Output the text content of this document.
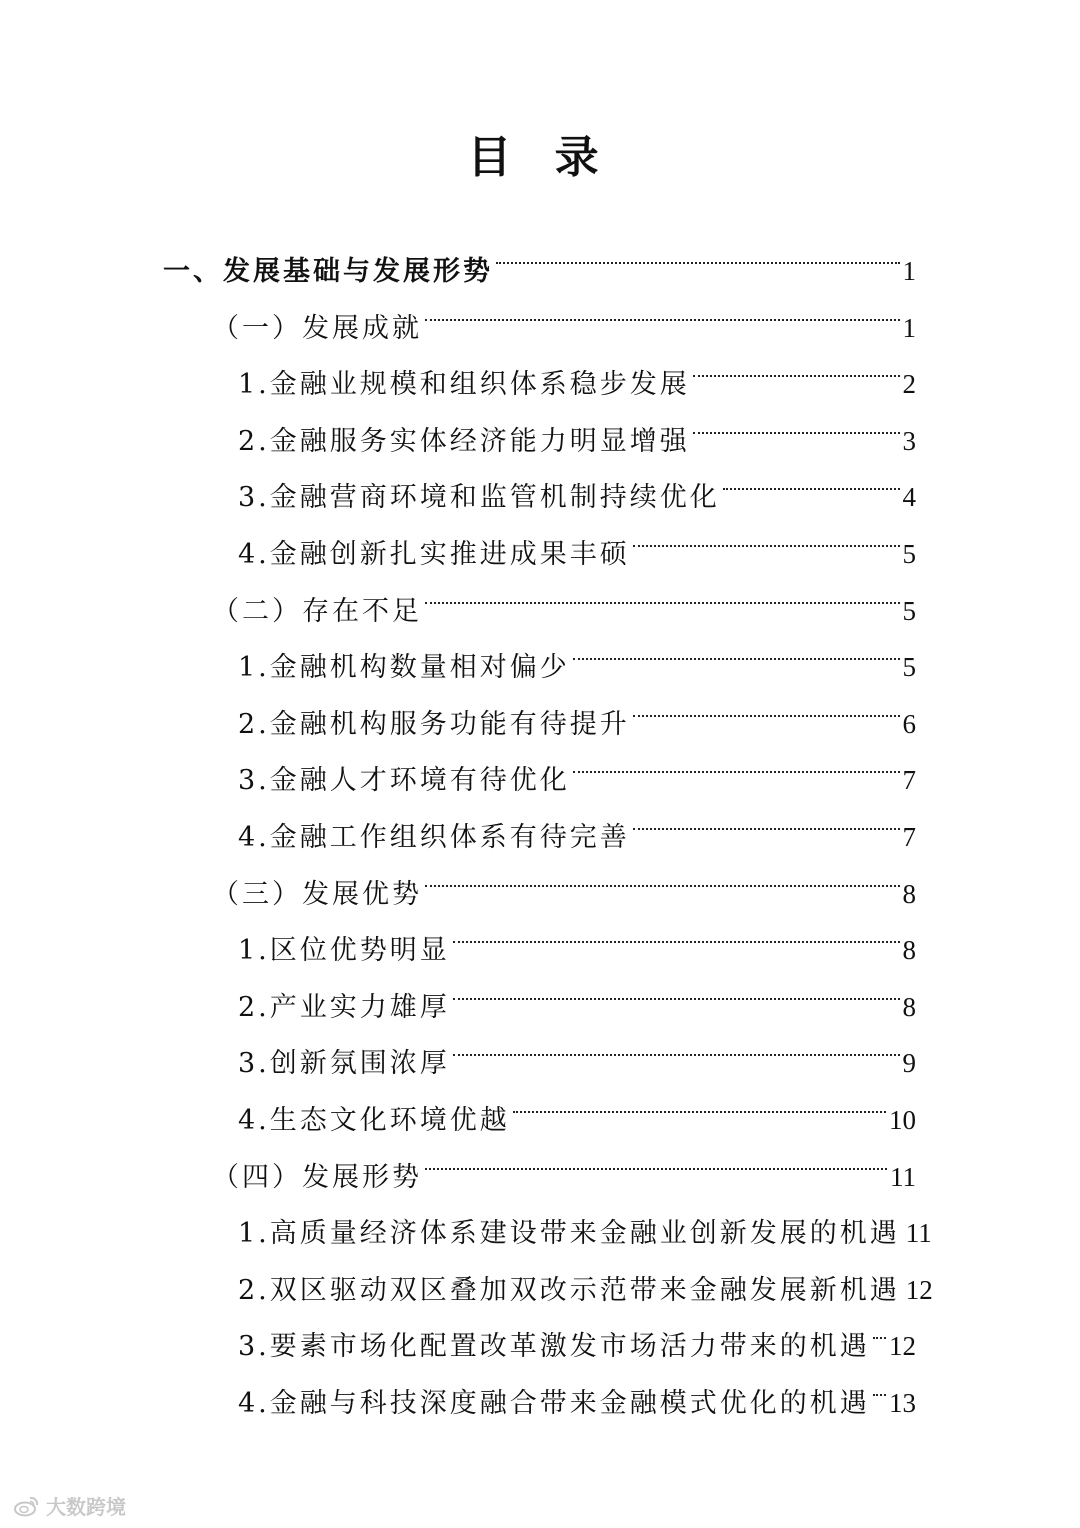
目 录
一、发展基础与发展形势	1
（一）发展成就	1
1.金融业规模和组织体系稳步发展	2
2.金融服务实体经济能力明显增强	3
3.金融营商环境和监管机制持续优化	4
4.金融创新扎实推进成果丰硕	5
（二）存在不足	5
1.金融机构数量相对偏少	5
2.金融机构服务功能有待提升	6
3.金融人才环境有待优化	7
4.金融工作组织体系有待完善	7
（三）发展优势	8
1.区位优势明显	8
2.产业实力雄厚	8
3.创新氛围浓厚	9
4.生态文化环境优越	10
（四）发展形势	11
1.高质量经济体系建设带来金融业创新发展的机遇 11
2.双区驱动双区叠加双改示范带来金融发展新机遇 12
3.要素市场化配置改革激发市场活力带来的机遇 12
4.金融与科技深度融合带来金融模式优化的机遇 13
大数跨境
